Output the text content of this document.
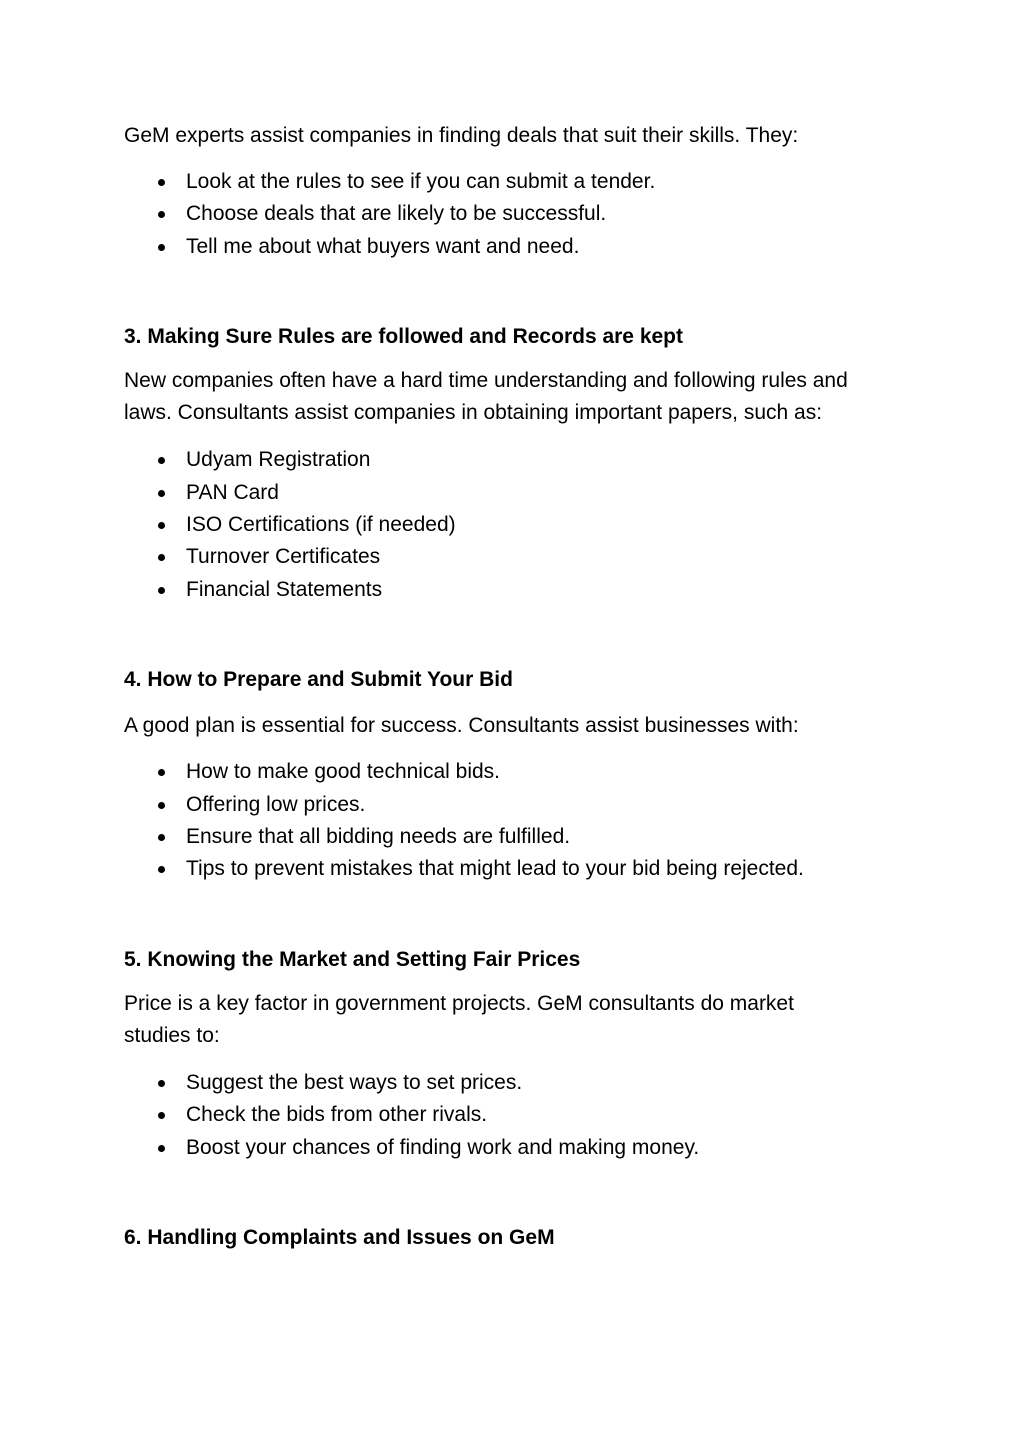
GeM experts assist companies in finding deals that suit their skills. They:

Look at the rules to see if you can submit a tender.
Choose deals that are likely to be successful.
Tell me about what buyers want and need.
3. Making Sure Rules are followed and Records are kept

New companies often have a hard time understanding and following rules and
laws. Consultants assist companies in obtaining important papers, such as:

Udyam Registration
PAN Card
ISO Certifications (if needed)
Turnover Certificates
Financial Statements
4. How to Prepare and Submit Your Bid

A good plan is essential for success. Consultants assist businesses with:

How to make good technical bids.
Offering low prices.
Ensure that all bidding needs are fulfilled.
Tips to prevent mistakes that might lead to your bid being rejected.
5. Knowing the Market and Setting Fair Prices

Price is a key factor in government projects. GeM consultants do market
studies to:

Suggest the best ways to set prices.
Check the bids from other rivals.
Boost your chances of finding work and making money.
6. Handling Complaints and Issues on GeM
